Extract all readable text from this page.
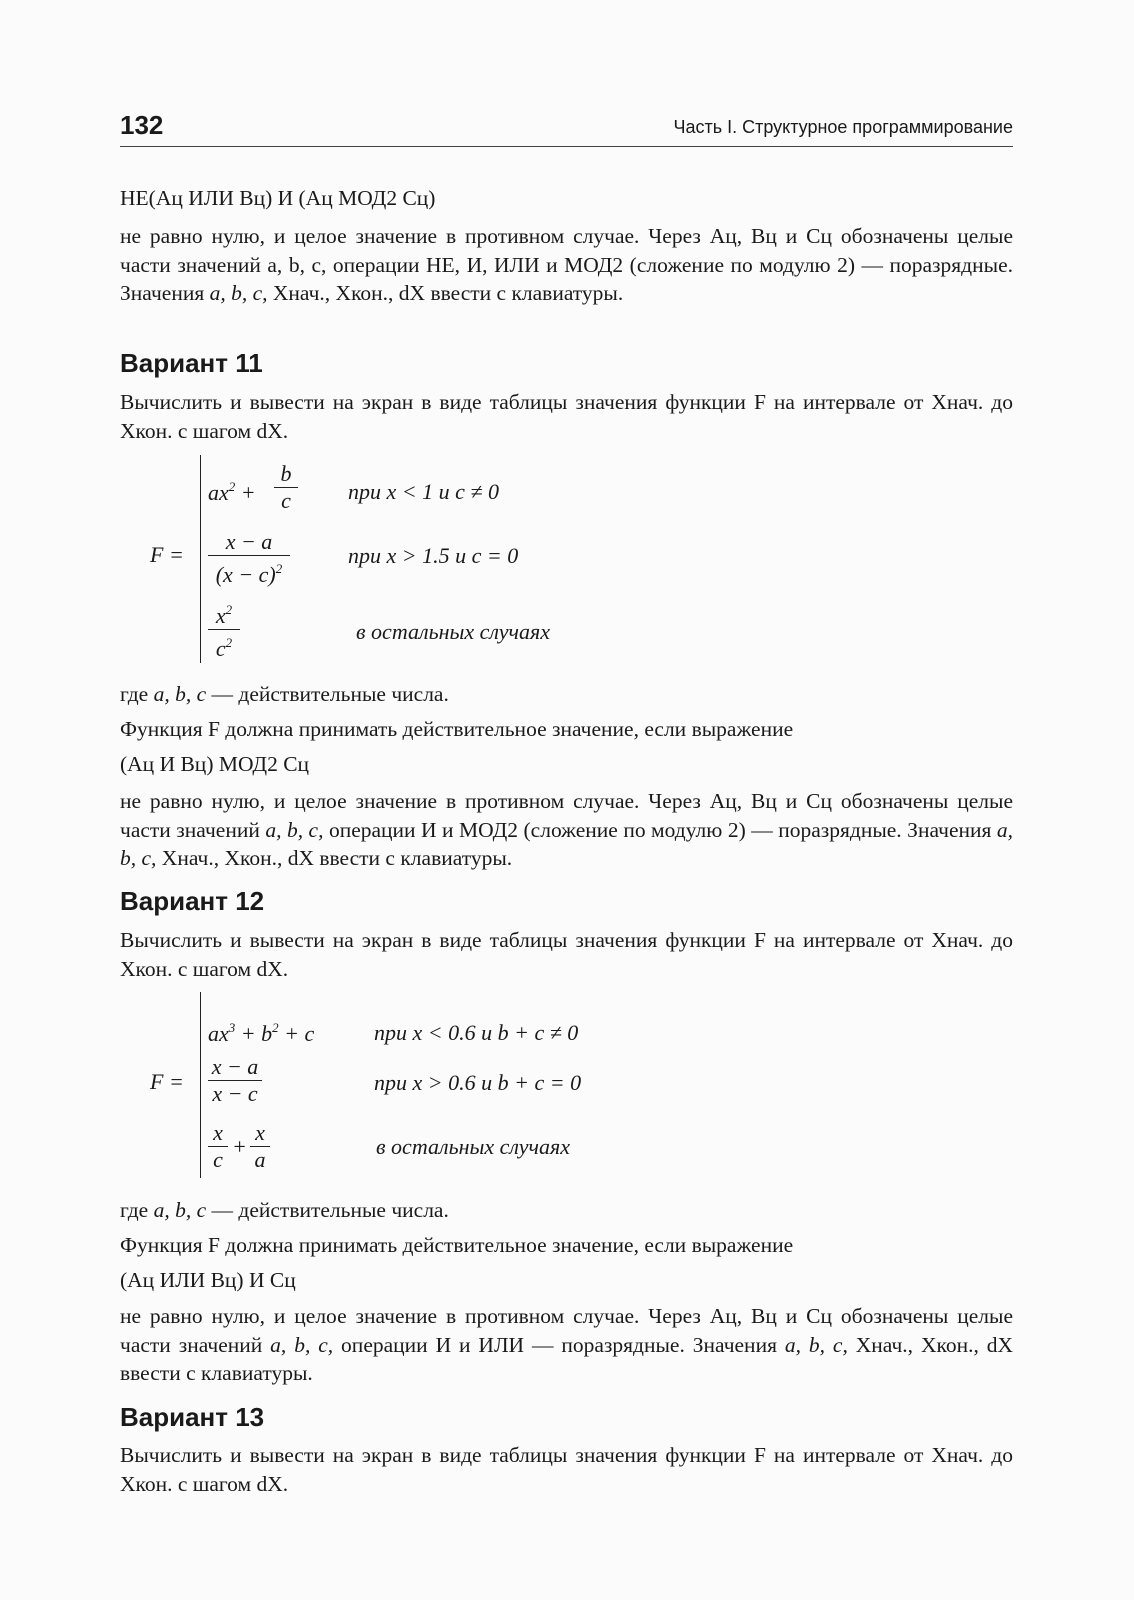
132	Часть I. Структурное программирование

НЕ(Ац ИЛИ Вц) И (Ац МОД2 Сц)

не равно нулю, и целое значение в противном случае. Через Ац, Вц и Сц обозначены целые части значений a, b, c, операции НЕ, И, ИЛИ и МОД2 (сложение по модулю 2) — поразрядные. Значения a, b, c, Хнач., Хкон., dX ввести с клавиатуры.

Вариант 11

Вычислить и вывести на экран в виде таблицы значения функции F на интервале от Хнач. до Хкон. с шагом dX.

F =
$ax^2$ +
b
c	при x < 1 и c ≠ 0
x − a
$(x - c)^2$
при x > 1.5 и c = 0
$x^2$
$c^2$	в остальных случаях

где a, b, c — действительные числа.

Функция F должна принимать действительное значение, если выражение

(Ац И Вц) МОД2 Сц

не равно нулю, и целое значение в противном случае. Через Ац, Вц и Сц обозначены целые части значений a, b, c, операции И и МОД2 (сложение по модулю 2) — поразрядные. Значения a, b, c, Хнач., Хкон., dX ввести с клавиатуры.

Вариант 12

Вычислить и вывести на экран в виде таблицы значения функции F на интервале от Хнач. до Хкон. с шагом dX.

F =
$ax^3 + b^2 + c$	при x < 0.6 и b + c ≠ 0
x − a
x − c	при x > 0.6 и b + c = 0
x
c
+
x
a
в остальных случаях

где a, b, c — действительные числа.

Функция F должна принимать действительное значение, если выражение

(Ац ИЛИ Вц) И Сц

не равно нулю, и целое значение в противном случае. Через Ац, Вц и Сц обозначены целые части значений a, b, c, операции И и ИЛИ — поразрядные. Значения a, b, c, Хнач., Хкон., dX ввести с клавиатуры.

Вариант 13

Вычислить и вывести на экран в виде таблицы значения функции F на интервале от Хнач. до Хкон. с шагом dX.
